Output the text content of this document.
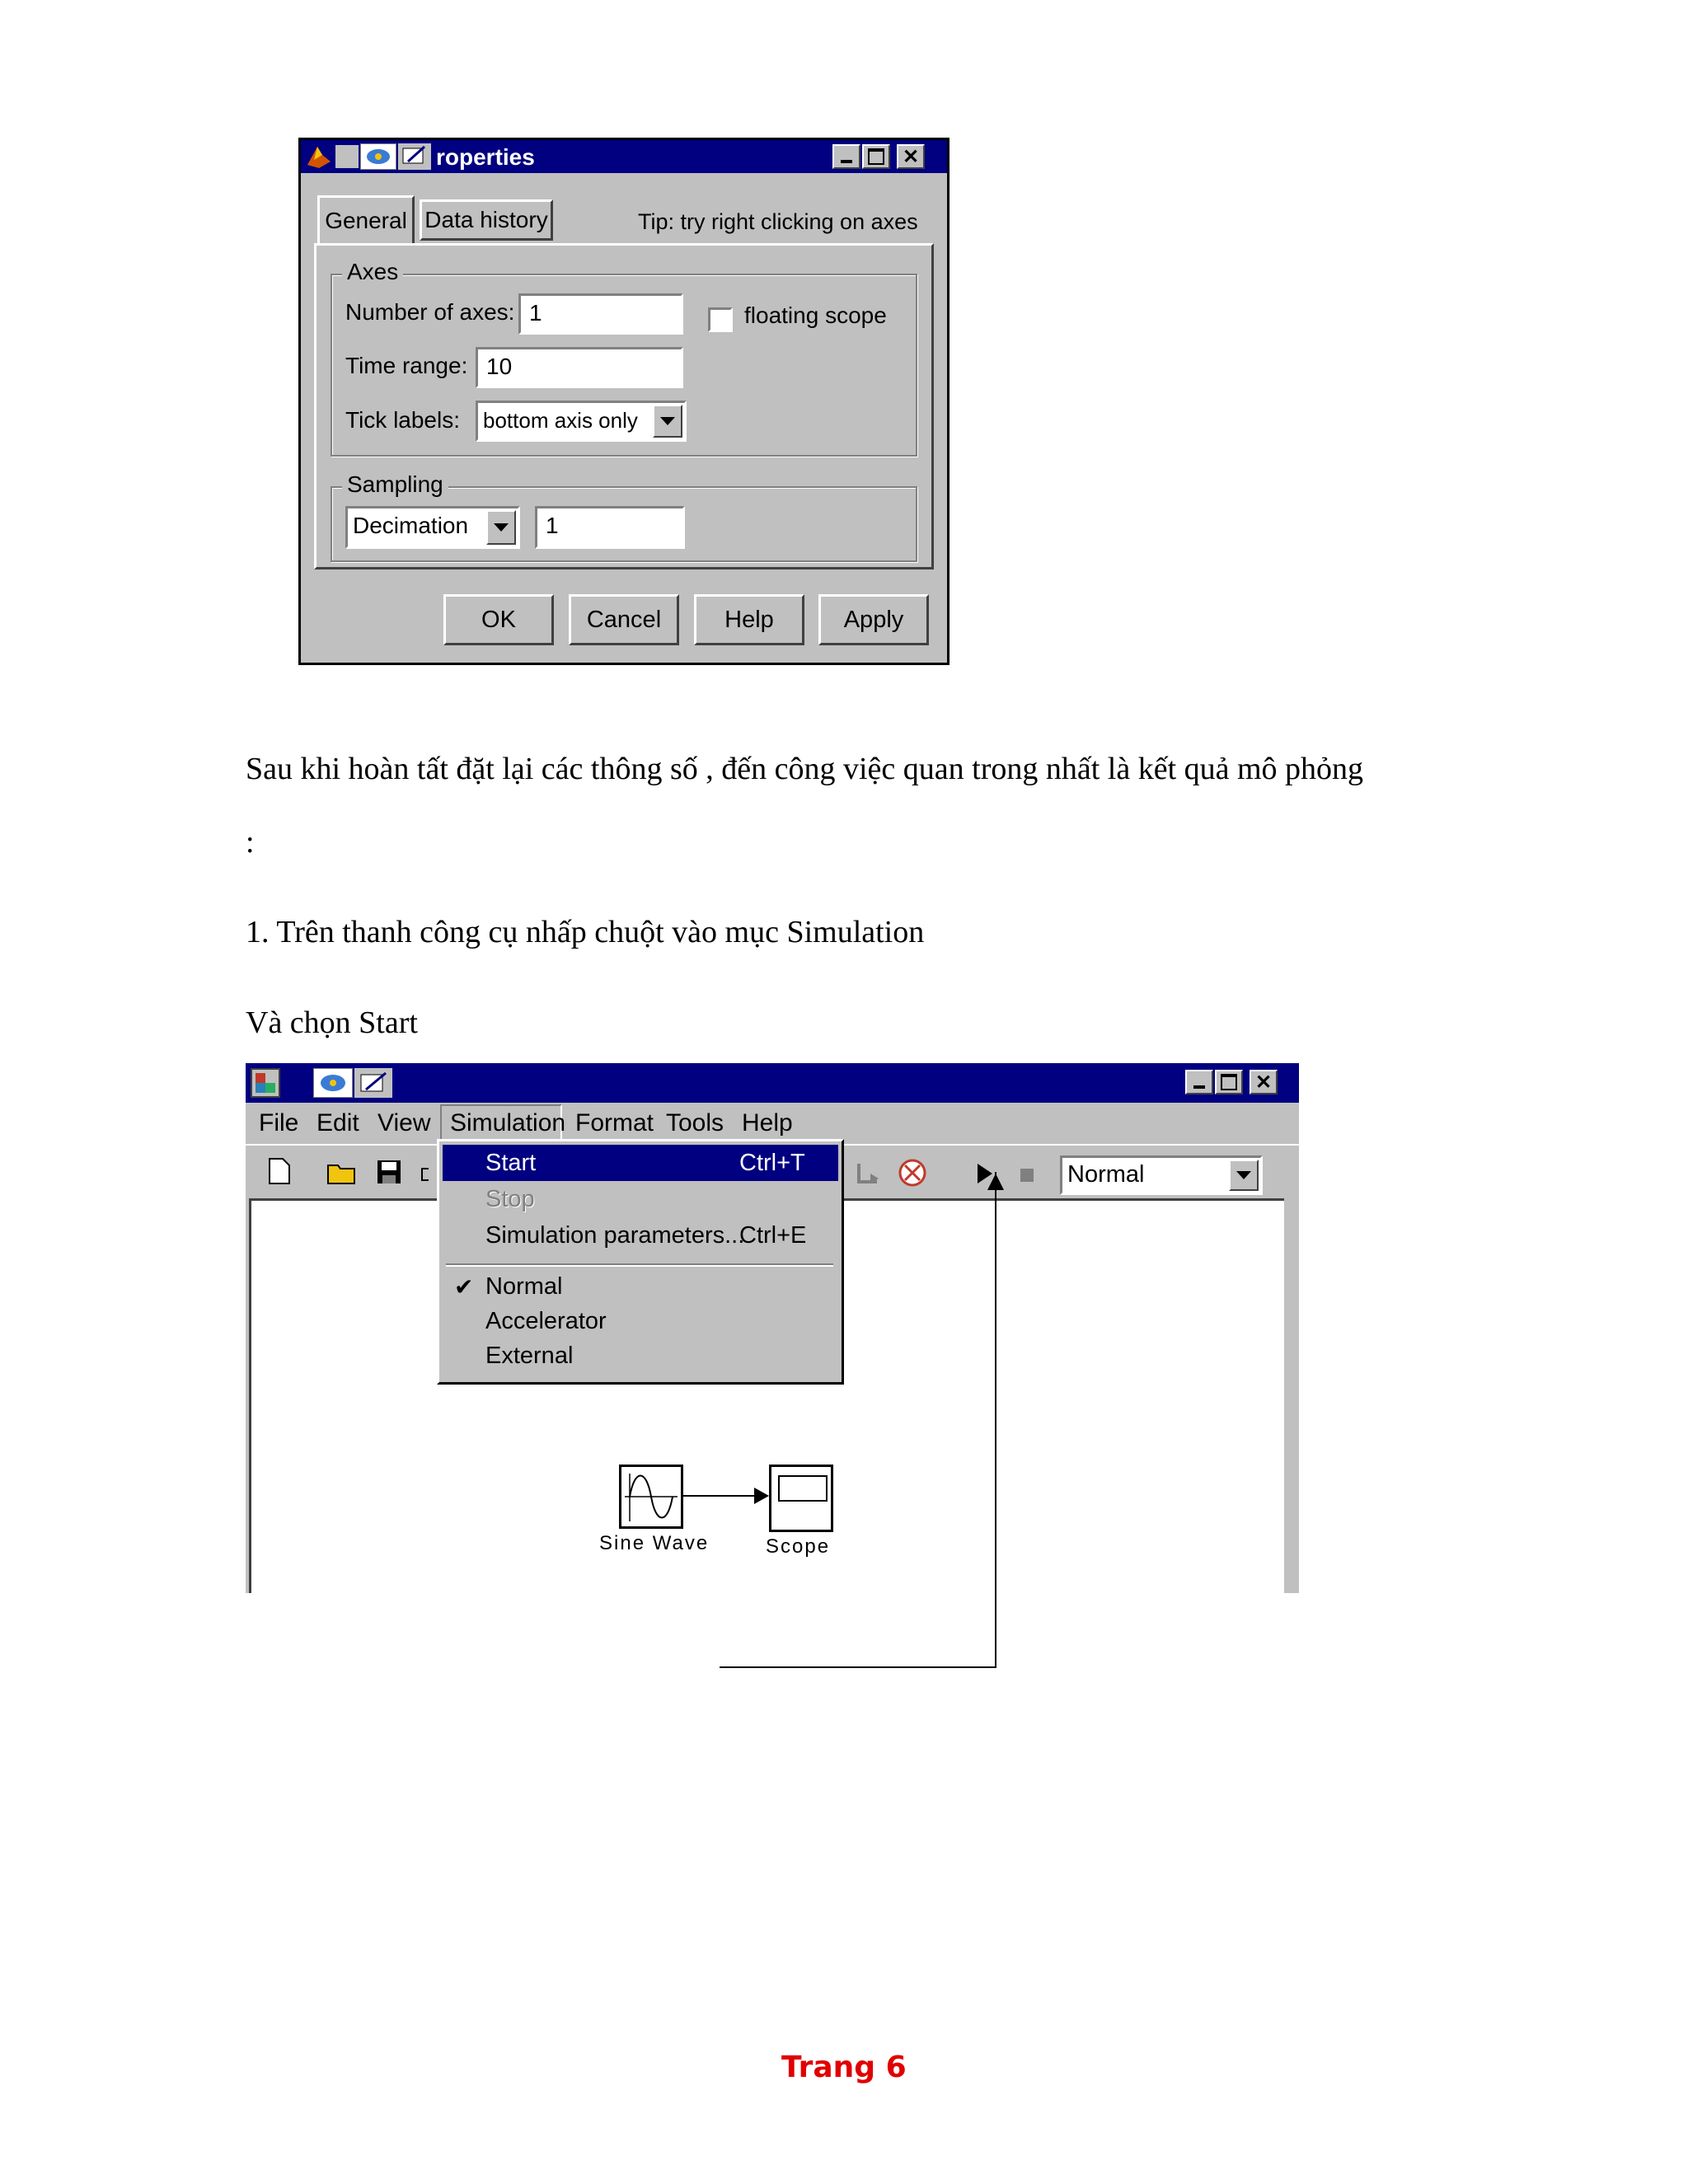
roperties	✕
General Data history	Tip: try right clicking on axes
Axes
Number of axes: 1	floating scope
Time range: 10
Tick labels:	bottom axis only
Sampling
Decimation	1
OK	Cancel	Help	Apply
Sau khi hoàn tất đặt lại các thông số , đến công việc quan trong nhất là kết quả mô phỏng
:
1. Trên thanh công cụ nhấp chuột vào mục Simulation
Và chọn Start
✕
File Edit View Simulation Format Tools Help
Normal
Sine Wave	Scope
Start	Ctrl+T
Stop
Simulation parameters...
Ctrl+E
✔ Normal
Accelerator
External
Trang 6
